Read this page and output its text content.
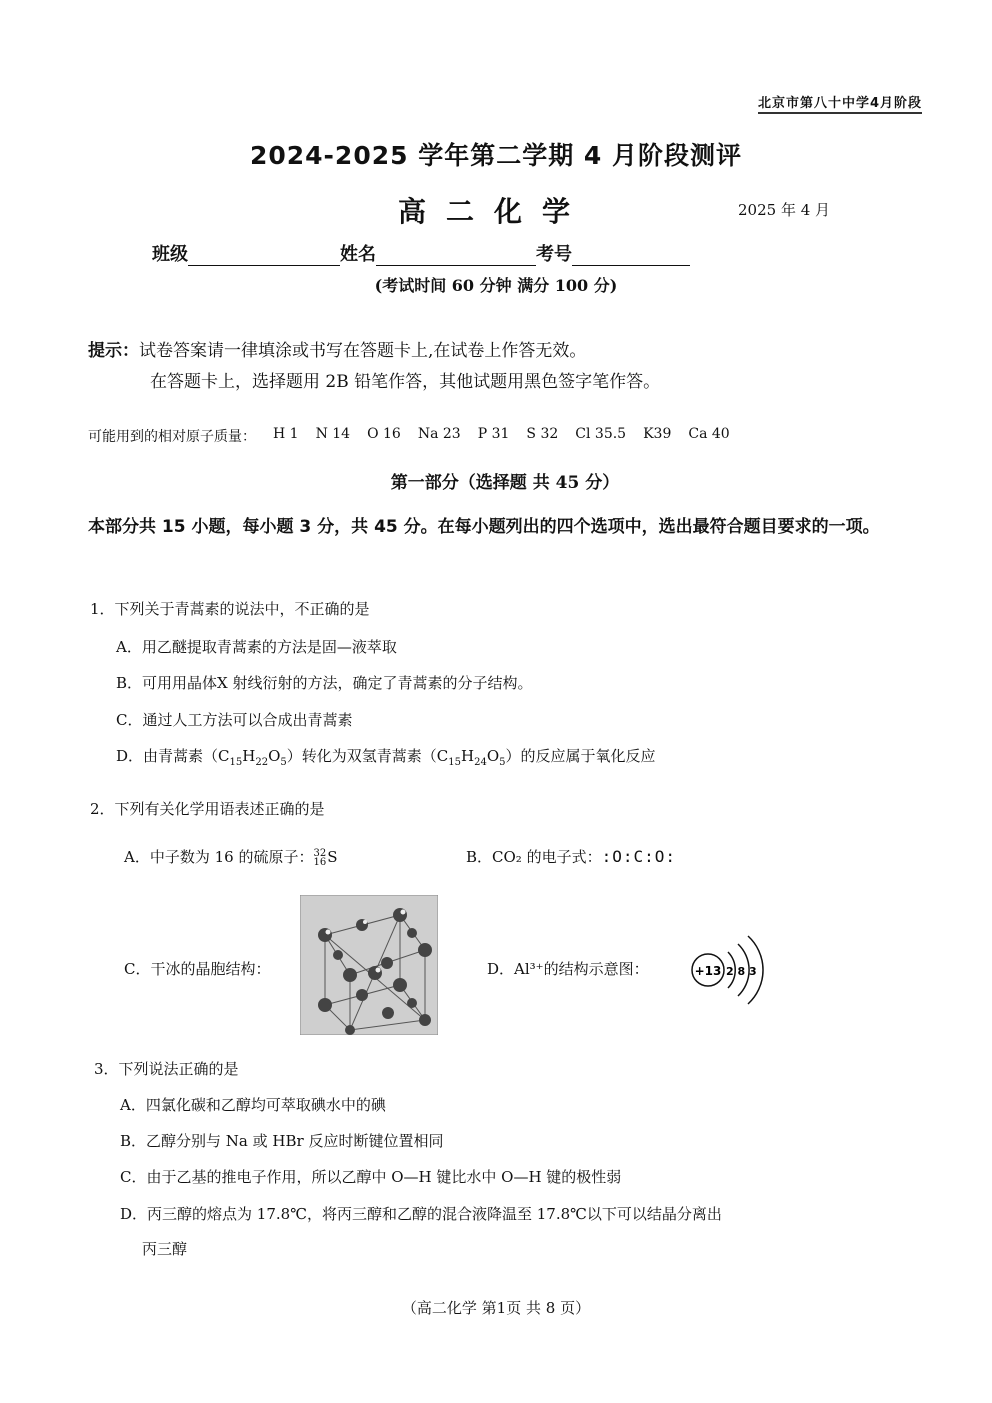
北京市第八十中学4月阶段
2024-2025 学年第二学期 4 月阶段测评
高二化学	2025 年 4 月
班级	姓名	考号
(考试时间 60 分钟 满分 100 分)
提示：试卷答案请一律填涂或书写在答题卡上,在试卷上作答无效。
在答题卡上，选择题用 2B 铅笔作答，其他试题用黑色签字笔作答。
可能用到的相对原子质量： H 1 N 14 O 16 Na 23 P 31 S 32 Cl 35.5 K39 Ca 40
第一部分（选择题 共 45 分）
本部分共 15 小题，每小题 3 分，共 45 分。在每小题列出的四个选项中，选出最符合题目要求的一项。
1．下列关于青蒿素的说法中，不正确的是
A．用乙醚提取青蒿素的方法是固—液萃取
B．可用用晶体X 射线衍射的方法，确定了青蒿素的分子结构。
C．通过人工方法可以合成出青蒿素
D．由青蒿素$(C_{15}H_{22}O_5)$转化为双氢青蒿素$(C_{15}H_{24}O_5)$的反应属于氧化反应
2．下列有关化学用语表述正确的是
A．中子数为 16 的硫原子：32
16S	B．CO₂ 的电子式：:O:C:O:
C．干冰的晶胞结构：	D．Al³⁺的结构示意图：	+13 2 8 3
3．下列说法正确的是
A．四氯化碳和乙醇均可萃取碘水中的碘
B．乙醇分别与 Na 或 HBr 反应时断键位置相同
C．由于乙基的推电子作用，所以乙醇中 O—H 键比水中 O—H 键的极性弱
D．丙三醇的熔点为 17.8℃，将丙三醇和乙醇的混合液降温至 17.8℃以下可以结晶分离出
丙三醇
（高二化学 第1页 共 8 页）
